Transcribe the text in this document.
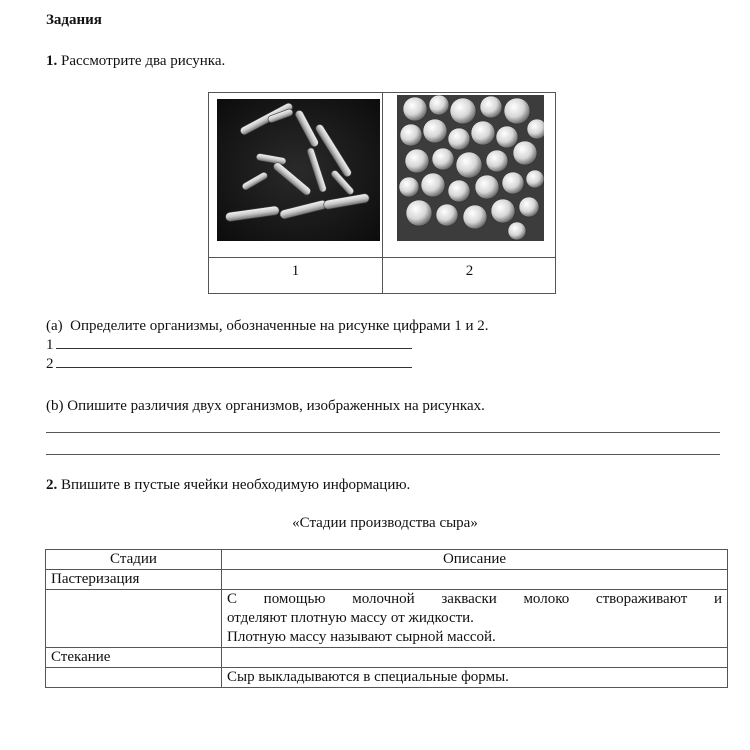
Задания
1. Рассмотрите два рисунка.
1	2
(a) Определите организмы, обозначенные на рисунке цифрами 1 и 2.
1
2
(b) Опишите различия двух организмов, изображенных на рисунках.
2. Впишите в пустые ячейки необходимую информацию.
«Стадии производства сыра»
Стадии	Описание
Пастеризация	

	С помощью молочной закваски молоко створаживают и
отделяют плотную массу от жидкости.
Плотную массу называют сырной массой.

Стекание	
	Сыр выкладываются в специальные формы.
